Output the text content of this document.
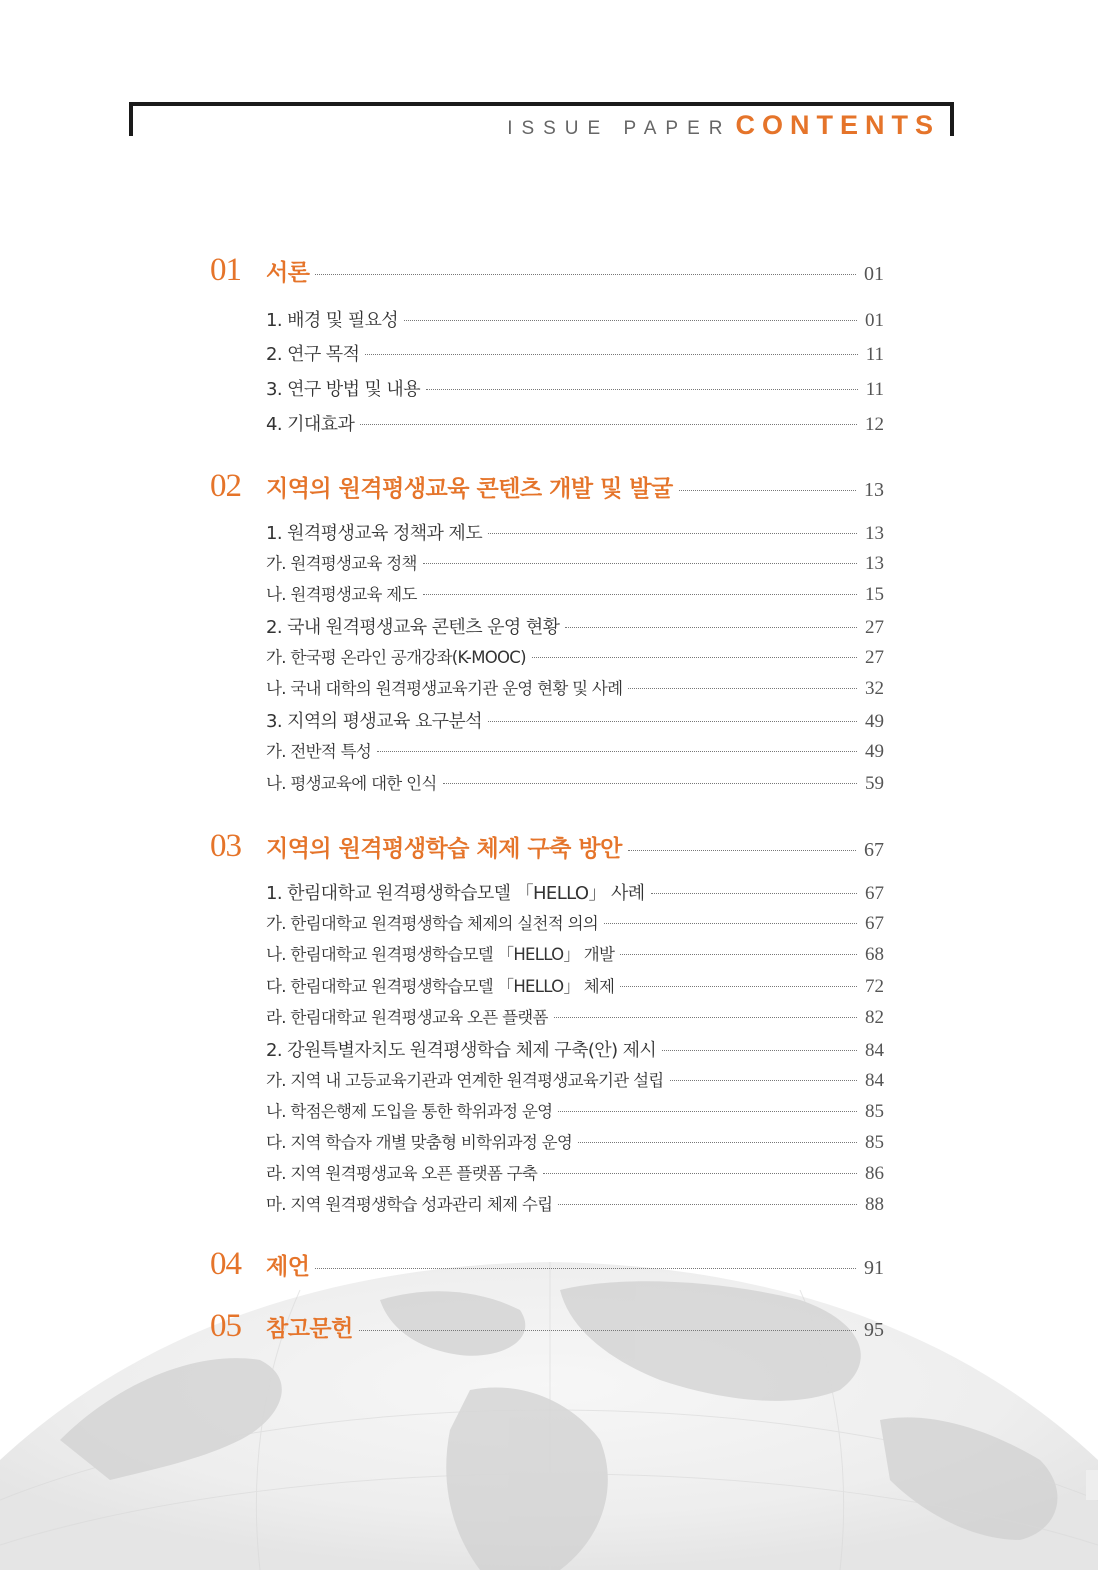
ISSUE PAPER CONTENTS
01	서론	01
1. 배경 및 필요성	01
2. 연구 목적	11
3. 연구 방법 및 내용	11
4. 기대효과	12
02	지역의 원격평생교육 콘텐츠 개발 및 발굴	13
1. 원격평생교육 정책과 제도	13
가. 원격평생교육 정책	13
나. 원격평생교육 제도	15
2. 국내 원격평생교육 콘텐츠 운영 현황	27
가. 한국평 온라인 공개강좌(K-MOOC)	27
나. 국내 대학의 원격평생교육기관 운영 현황 및 사례	32
3. 지역의 평생교육 요구분석	49
가. 전반적 특성	49
나. 평생교육에 대한 인식	59
03	지역의 원격평생학습 체제 구축 방안	67
1. 한림대학교 원격평생학습모델 「HELLO」 사례	67
가. 한림대학교 원격평생학습 체제의 실천적 의의	67
나. 한림대학교 원격평생학습모델 「HELLO」 개발	68
다. 한림대학교 원격평생학습모델 「HELLO」 체제	72
라. 한림대학교 원격평생교육 오픈 플랫폼	82
2. 강원특별자치도 원격평생학습 체제 구축(안) 제시	84
가. 지역 내 고등교육기관과 연계한 원격평생교육기관 설립	84
나. 학점은행제 도입을 통한 학위과정 운영	85
다. 지역 학습자 개별 맞춤형 비학위과정 운영	85
라. 지역 원격평생교육 오픈 플랫폼 구축	86
마. 지역 원격평생학습 성과관리 체제 수립	88
04	제언	91
05	참고문헌	95
